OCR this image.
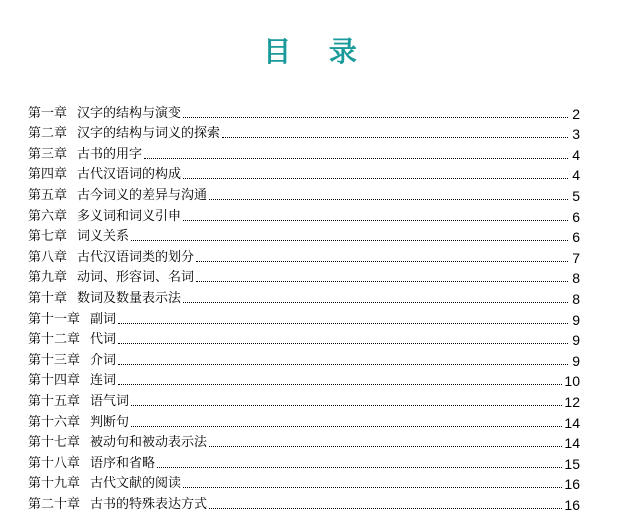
目 录
第一章 汉字的结构与演变	2
第二章 汉字的结构与词义的探索	3
第三章 古书的用字	4
第四章 古代汉语词的构成	4
第五章 古今词义的差异与沟通	5
第六章 多义词和词义引申	6
第七章 词义关系	6
第八章 古代汉语词类的划分	7
第九章 动词、形容词、名词	8
第十章 数词及数量表示法	8
第十一章 副词	9
第十二章 代词	9
第十三章 介词	9
第十四章 连词	10
第十五章 语气词	12
第十六章 判断句	14
第十七章 被动句和被动表示法	14
第十八章 语序和省略	15
第十九章 古代文献的阅读	16
第二十章 古书的特殊表达方式	16
